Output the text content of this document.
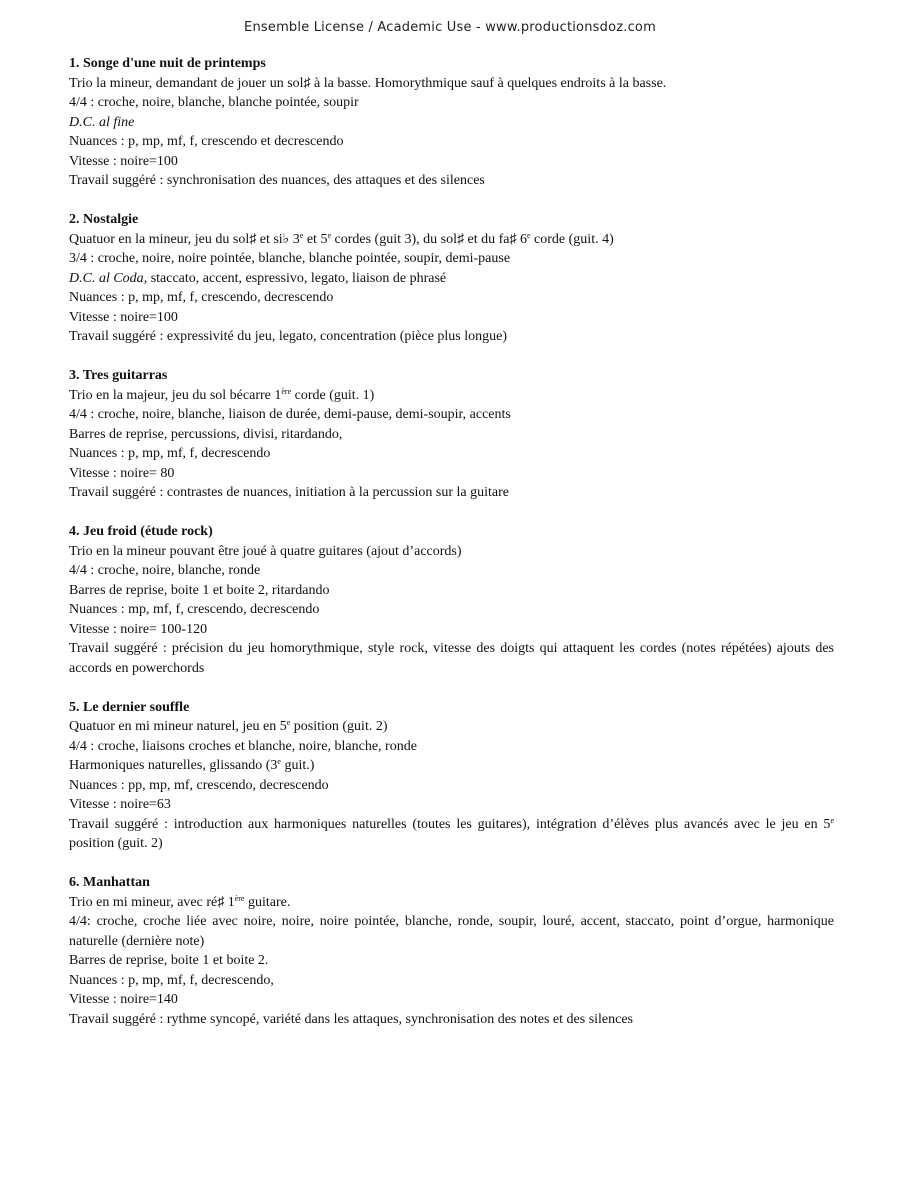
Ensemble License / Academic Use - www.productionsdoz.com
1. Songe d'une nuit de printemps
Trio la mineur, demandant de jouer un sol♯ à la basse. Homorythmique sauf à quelques endroits à la basse.
4/4 : croche, noire, blanche, blanche pointée, soupir
D.C. al fine
Nuances : p, mp, mf, f, crescendo et decrescendo
Vitesse : noire=100
Travail suggéré : synchronisation des nuances, des attaques et des silences
2. Nostalgie
Quatuor en la mineur, jeu du sol♯ et si♭ 3e et 5e cordes (guit 3), du sol♯ et du fa♯ 6e corde (guit. 4)
3/4 : croche, noire, noire pointée, blanche, blanche pointée, soupir, demi-pause
D.C. al Coda, staccato, accent, espressivo, legato, liaison de phrasé
Nuances : p, mp, mf, f, crescendo, decrescendo
Vitesse : noire=100
Travail suggéré : expressivité du jeu, legato, concentration (pièce plus longue)
3. Tres guitarras
Trio en la majeur, jeu du sol bécarre 1ère corde (guit. 1)
4/4 : croche, noire, blanche, liaison de durée, demi-pause, demi-soupir, accents
Barres de reprise, percussions, divisi, ritardando,
Nuances : p, mp, mf, f, decrescendo
Vitesse : noire= 80
Travail suggéré : contrastes de nuances, initiation à la percussion sur la guitare
4. Jeu froid (étude rock)
Trio en la mineur pouvant être joué à quatre guitares (ajout d’accords)
4/4 : croche, noire, blanche, ronde
Barres de reprise, boite 1 et boite 2, ritardando
Nuances : mp, mf, f, crescendo, decrescendo
Vitesse : noire= 100-120
Travail suggéré : précision du jeu homorythmique, style rock, vitesse des doigts qui attaquent les cordes (notes répétées) ajouts des accords en powerchords
5. Le dernier souffle
Quatuor en mi mineur naturel, jeu en 5e position (guit. 2)
4/4 : croche, liaisons croches et blanche, noire, blanche, ronde
Harmoniques naturelles, glissando (3e guit.)
Nuances : pp, mp, mf, crescendo, decrescendo
Vitesse : noire=63
Travail suggéré : introduction aux harmoniques naturelles (toutes les guitares), intégration d’élèves plus avancés avec le jeu en 5e position (guit. 2)
6. Manhattan
Trio en mi mineur, avec ré♯ 1ère guitare.
4/4: croche, croche liée avec noire, noire, noire pointée, blanche, ronde, soupir, louré, accent, staccato, point d’orgue, harmonique naturelle (dernière note)
Barres de reprise, boite 1 et boite 2.
Nuances : p, mp, mf, f, decrescendo,
Vitesse : noire=140
Travail suggéré : rythme syncopé, variété dans les attaques, synchronisation des notes et des silences
